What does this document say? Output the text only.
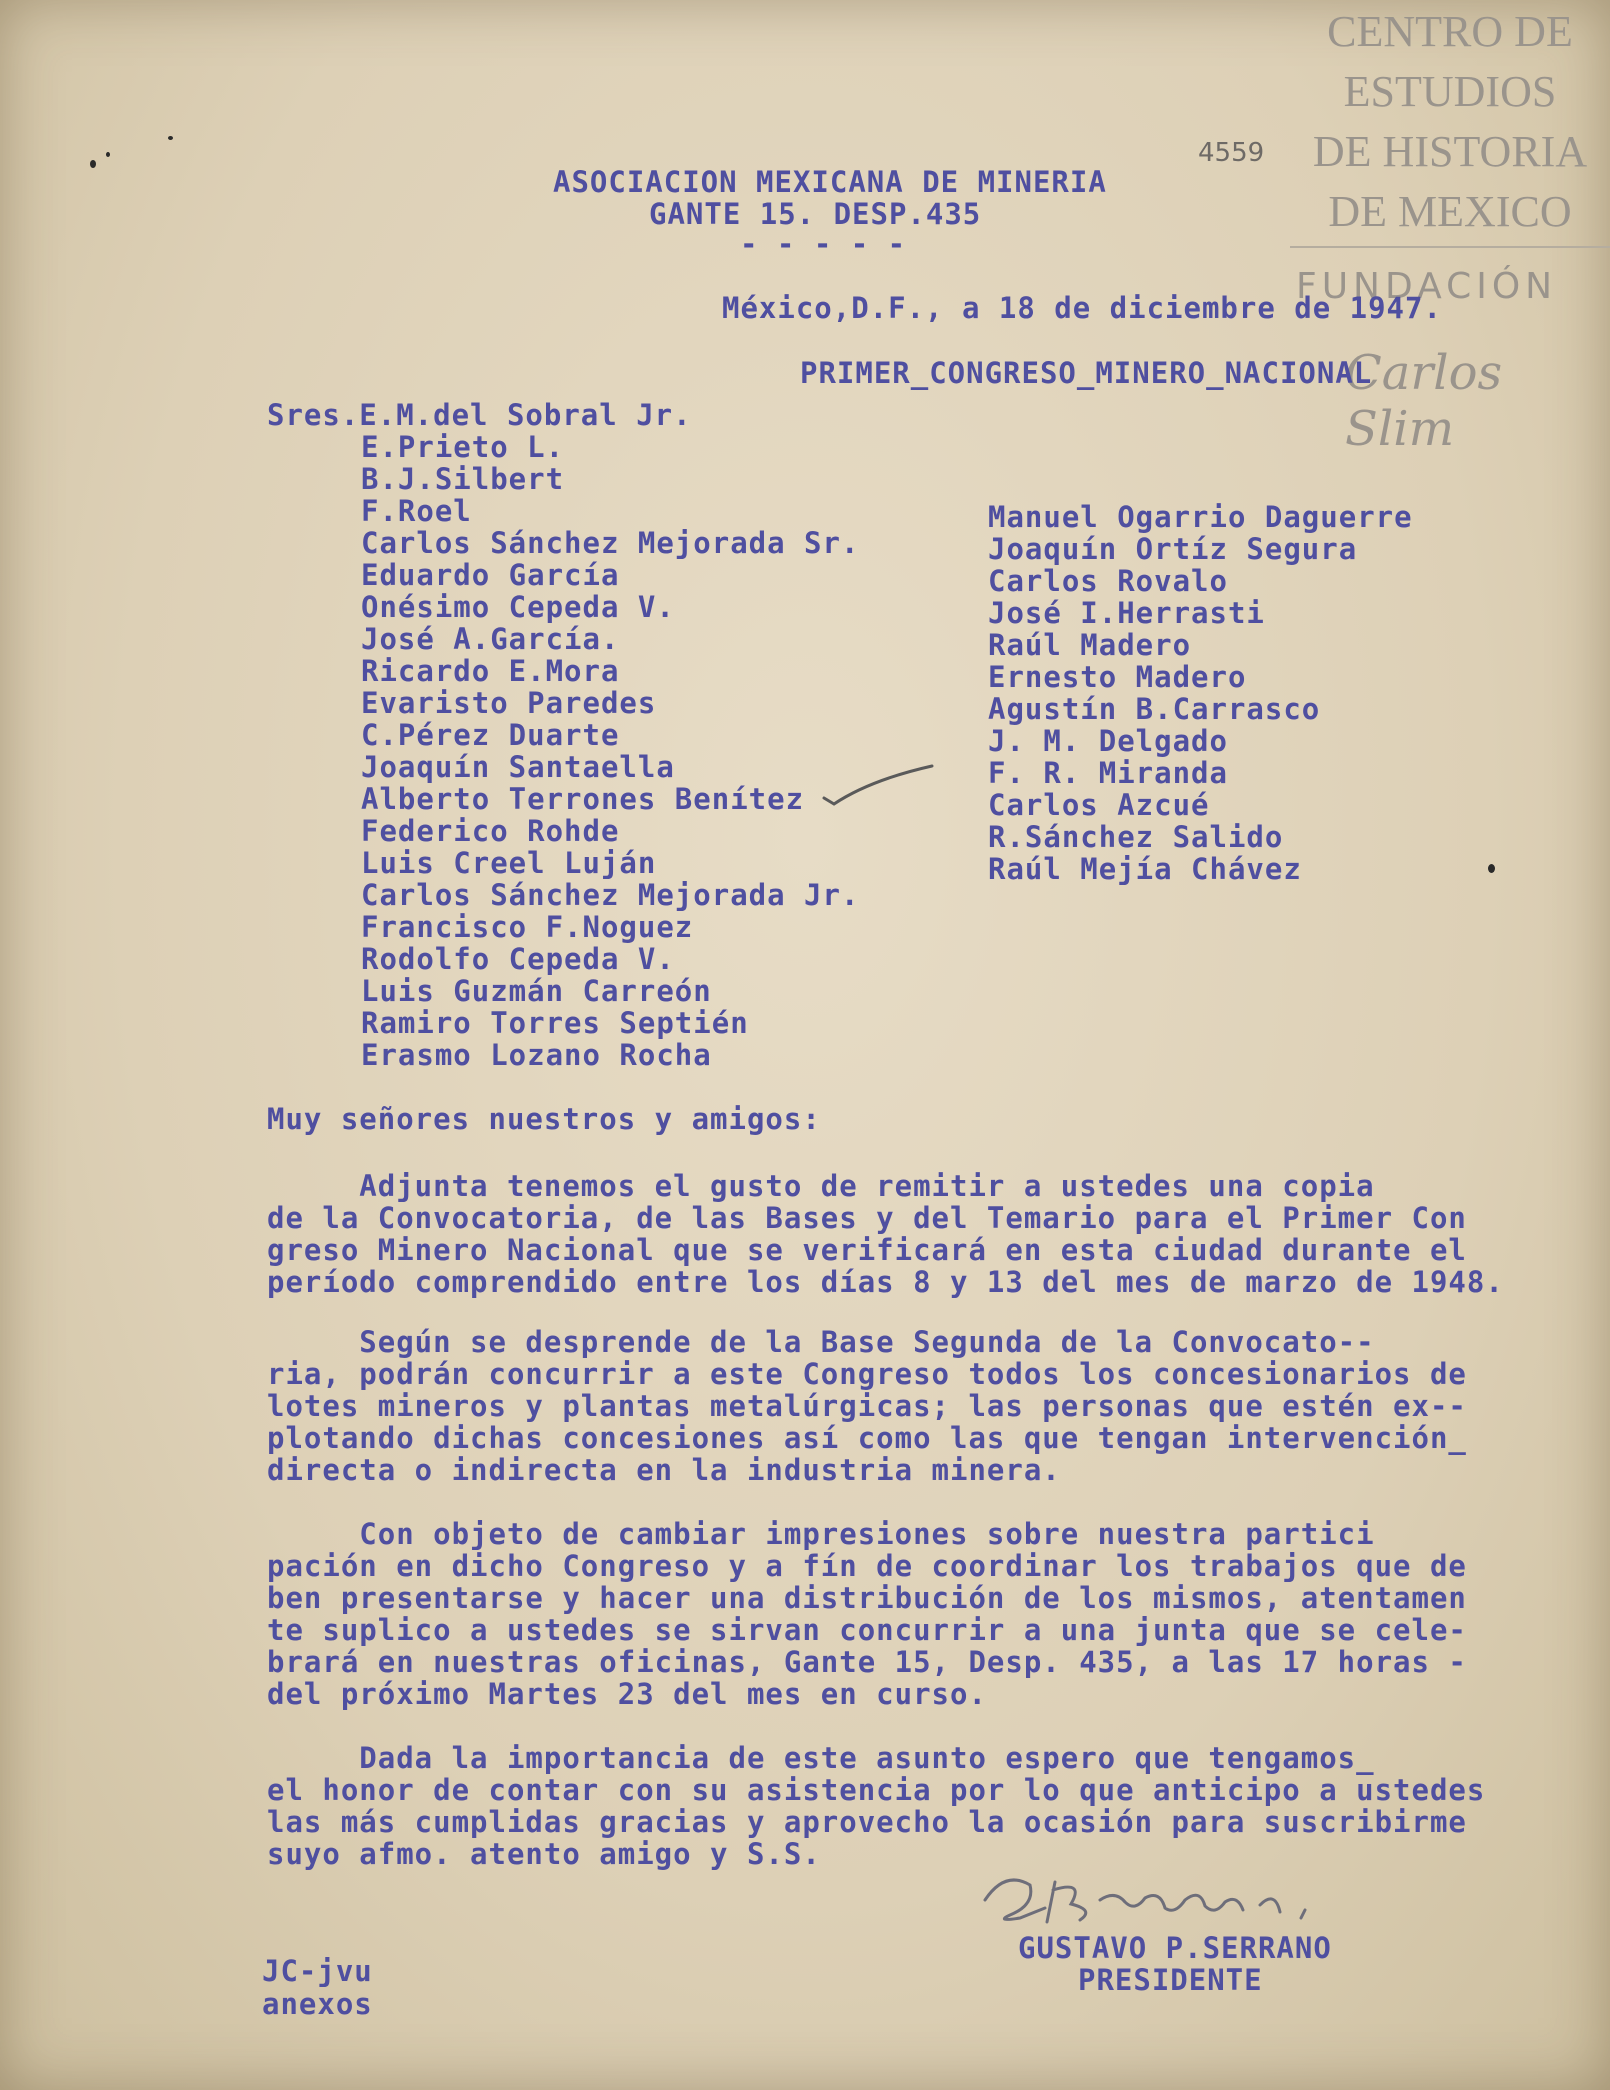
CENTRO DE
ESTUDIOS
DE HISTORIA
DE MEXICO
FUNDACIÓN
Carlos Slim
4559
ASOCIACION MEXICANA DE MINERIA
GANTE 15. DESP.435
- - - - -
México,D.F., a 18 de diciembre de 1947.
PRIMER_CONGRESO_MINERO_NACIONAL
Sres.E.M.del Sobral Jr.
E.Prieto L.
B.J.Silbert
F.Roel
Carlos Sánchez Mejorada Sr.
Eduardo García
Onésimo Cepeda V.
José A.García.
Ricardo E.Mora
Evaristo Paredes
C.Pérez Duarte
Joaquín Santaella
Alberto Terrones Benítez
Federico Rohde
Luis Creel Luján
Carlos Sánchez Mejorada Jr.
Francisco F.Noguez
Rodolfo Cepeda V.
Luis Guzmán Carreón
Ramiro Torres Septién
Erasmo Lozano Rocha
Manuel Ogarrio Daguerre
Joaquín Ortíz Segura
Carlos Rovalo
José I.Herrasti
Raúl Madero
Ernesto Madero
Agustín B.Carrasco
J. M. Delgado
F. R. Miranda
Carlos Azcué
R.Sánchez Salido
Raúl Mejía Chávez
Muy señores nuestros y amigos:
Adjunta tenemos el gusto de remitir a ustedes una copia
de la Convocatoria, de las Bases y del Temario para el Primer Con
greso Minero Nacional que se verificará en esta ciudad durante el
período comprendido entre los días 8 y 13 del mes de marzo de 1948.
Según se desprende de la Base Segunda de la Convocato--
ria, podrán concurrir a este Congreso todos los concesionarios de
lotes mineros y plantas metalúrgicas; las personas que estén ex--
plotando dichas concesiones así como las que tengan intervención_
directa o indirecta en la industria minera.
Con objeto de cambiar impresiones sobre nuestra partici
pación en dicho Congreso y a fín de coordinar los trabajos que de
ben presentarse y hacer una distribución de los mismos, atentamen
te suplico a ustedes se sirvan concurrir a una junta que se cele-
brará en nuestras oficinas, Gante 15, Desp. 435, a las 17 horas -
del próximo Martes 23 del mes en curso.
Dada la importancia de este asunto espero que tengamos_
el honor de contar con su asistencia por lo que anticipo a ustedes
las más cumplidas gracias y aprovecho la ocasión para suscribirme
suyo afmo. atento amigo y S.S.
GUSTAVO P.SERRANO
PRESIDENTE
JC-jvu
anexos
